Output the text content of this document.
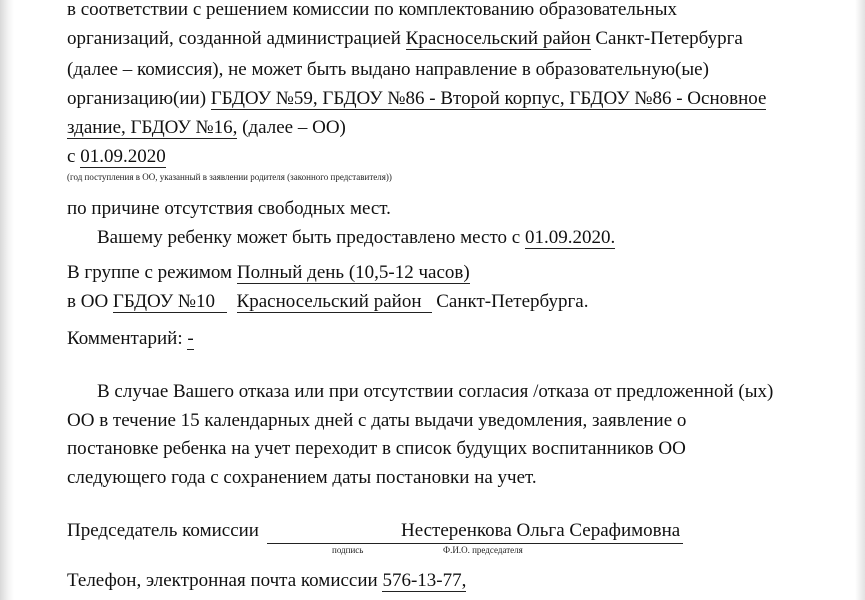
в соответствии с решением комиссии по комплектованию образовательных
организаций, созданной администрацией Красносельский район Санкт-Петербурга
(далее – комиссия), не может быть выдано направление в образовательную(ые)
организацию(ии) ГБДОУ №59, ГБДОУ №86 - Второй корпус, ГБДОУ №86 - Основное
здание, ГБДОУ №16, (далее – ОО)
с 01.09.2020
(год поступления в ОО, указанный в заявлении родителя (законного представителя))
по причине отсутствия свободных мест.
Вашему ребенку может быть предоставлено место с 01.09.2020.
В группе с режимом Полный день (10,5-12 часов)
в ОО ГБДОУ №10 Красносельский район Санкт-Петербурга.
Комментарий: -
В случае Вашего отказа или при отсутствии согласия /отказа от предложенной (ых)
ОО в течение 15 календарных дней с даты выдачи уведомления, заявление о
постановке ребенка на учет переходит в список будущих воспитанников ОО
следующего года с сохранением даты постановки на учет.
Председатель комиссии	Нестеренкова Ольга Серафимовна
подпись	Ф.И.О. председателя
Телефон, электронная почта комиссии 576-13-77,
